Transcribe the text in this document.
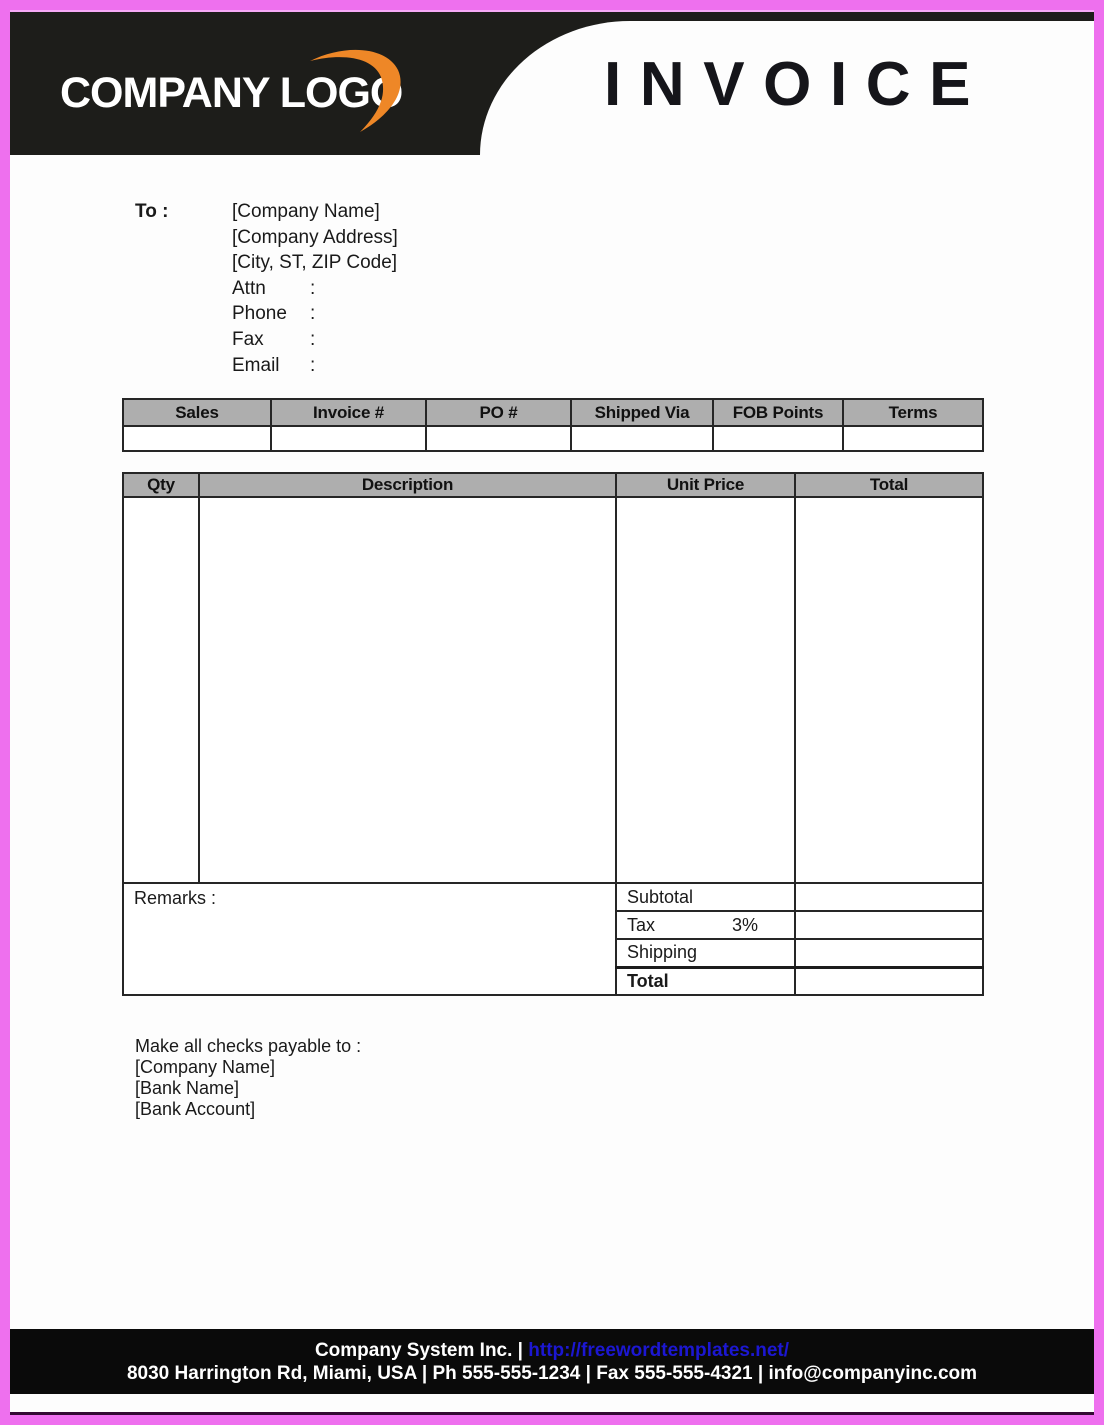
COMPANY LOGO	INVOICE
To :	[Company Name]
[Company Address]
[City, ST, ZIP Code]
Attn	:
Phone	:
Fax	:
Email	:
Sales	Invoice #	PO #	Shipped Via	FOB Points	Terms

Qty	Description	Unit Price	Total

Remarks :		Subtotal	
		Tax 3%	

		Shipping	
		Total	
Make all checks payable to :
[Company Name]
[Bank Name]
[Bank Account]
Company System Inc. | http://freewordtemplates.net/
8030 Harrington Rd, Miami, USA | Ph 555-555-1234 | Fax 555-555-4321 | info@companyinc.com
